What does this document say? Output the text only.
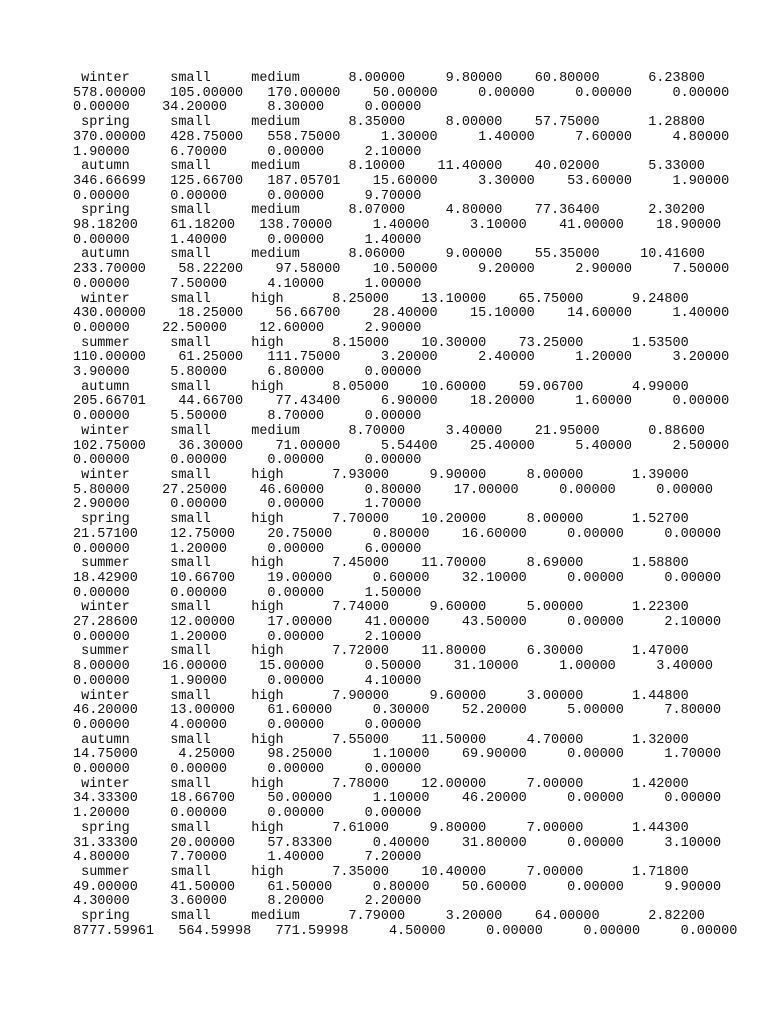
winter     small     medium      8.00000     9.80000    60.80000      6.23800
578.00000   105.00000   170.00000    50.00000     0.00000     0.00000     0.00000
0.00000    34.20000     8.30000     0.00000
spring     small     medium      8.35000     8.00000    57.75000      1.28800
370.00000   428.75000   558.75000     1.30000     1.40000     7.60000     4.80000
1.90000     6.70000     0.00000     2.10000
autumn     small     medium      8.10000    11.40000    40.02000      5.33000
346.66699   125.66700   187.05701    15.60000     3.30000    53.60000     1.90000
0.00000     0.00000     0.00000     9.70000
spring     small     medium      8.07000     4.80000    77.36400      2.30200
98.18200    61.18200   138.70000     1.40000     3.10000    41.00000    18.90000
0.00000     1.40000     0.00000     1.40000
autumn     small     medium      8.06000     9.00000    55.35000     10.41600
233.70000    58.22200    97.58000    10.50000     9.20000     2.90000     7.50000
0.00000     7.50000     4.10000     1.00000
winter     small     high      8.25000    13.10000    65.75000      9.24800
430.00000    18.25000    56.66700    28.40000    15.10000    14.60000     1.40000
0.00000    22.50000    12.60000     2.90000
summer     small     high      8.15000    10.30000    73.25000      1.53500
110.00000    61.25000   111.75000     3.20000     2.40000     1.20000     3.20000
3.90000     5.80000     6.80000     0.00000
autumn     small     high      8.05000    10.60000    59.06700      4.99000
205.66701    44.66700    77.43400     6.90000    18.20000     1.60000     0.00000
0.00000     5.50000     8.70000     0.00000
winter     small     medium      8.70000     3.40000    21.95000      0.88600
102.75000    36.30000    71.00000     5.54400    25.40000     5.40000     2.50000
0.00000     0.00000     0.00000     0.00000
winter     small     high      7.93000     9.90000     8.00000      1.39000
5.80000    27.25000    46.60000     0.80000    17.00000     0.00000     0.00000
2.90000     0.00000     0.00000     1.70000
spring     small     high      7.70000    10.20000     8.00000      1.52700
21.57100    12.75000    20.75000     0.80000    16.60000     0.00000     0.00000
0.00000     1.20000     0.00000     6.00000
summer     small     high      7.45000    11.70000     8.69000      1.58800
18.42900    10.66700    19.00000     0.60000    32.10000     0.00000     0.00000
0.00000     0.00000     0.00000     1.50000
winter     small     high      7.74000     9.60000     5.00000      1.22300
27.28600    12.00000    17.00000    41.00000    43.50000     0.00000     2.10000
0.00000     1.20000     0.00000     2.10000
summer     small     high      7.72000    11.80000     6.30000      1.47000
8.00000    16.00000    15.00000     0.50000    31.10000     1.00000     3.40000
0.00000     1.90000     0.00000     4.10000
winter     small     high      7.90000     9.60000     3.00000      1.44800
46.20000    13.00000    61.60000     0.30000    52.20000     5.00000     7.80000
0.00000     4.00000     0.00000     0.00000
autumn     small     high      7.55000    11.50000     4.70000      1.32000
14.75000     4.25000    98.25000     1.10000    69.90000     0.00000     1.70000
0.00000     0.00000     0.00000     0.00000
winter     small     high      7.78000    12.00000     7.00000      1.42000
34.33300    18.66700    50.00000     1.10000    46.20000     0.00000     0.00000
1.20000     0.00000     0.00000     0.00000
spring     small     high      7.61000     9.80000     7.00000      1.44300
31.33300    20.00000    57.83300     0.40000    31.80000     0.00000     3.10000
4.80000     7.70000     1.40000     7.20000
summer     small     high      7.35000    10.40000     7.00000      1.71800
49.00000    41.50000    61.50000     0.80000    50.60000     0.00000     9.90000
4.30000     3.60000     8.20000     2.20000
spring     small     medium      7.79000     3.20000    64.00000      2.82200
8777.59961   564.59998   771.59998     4.50000     0.00000     0.00000     0.00000
